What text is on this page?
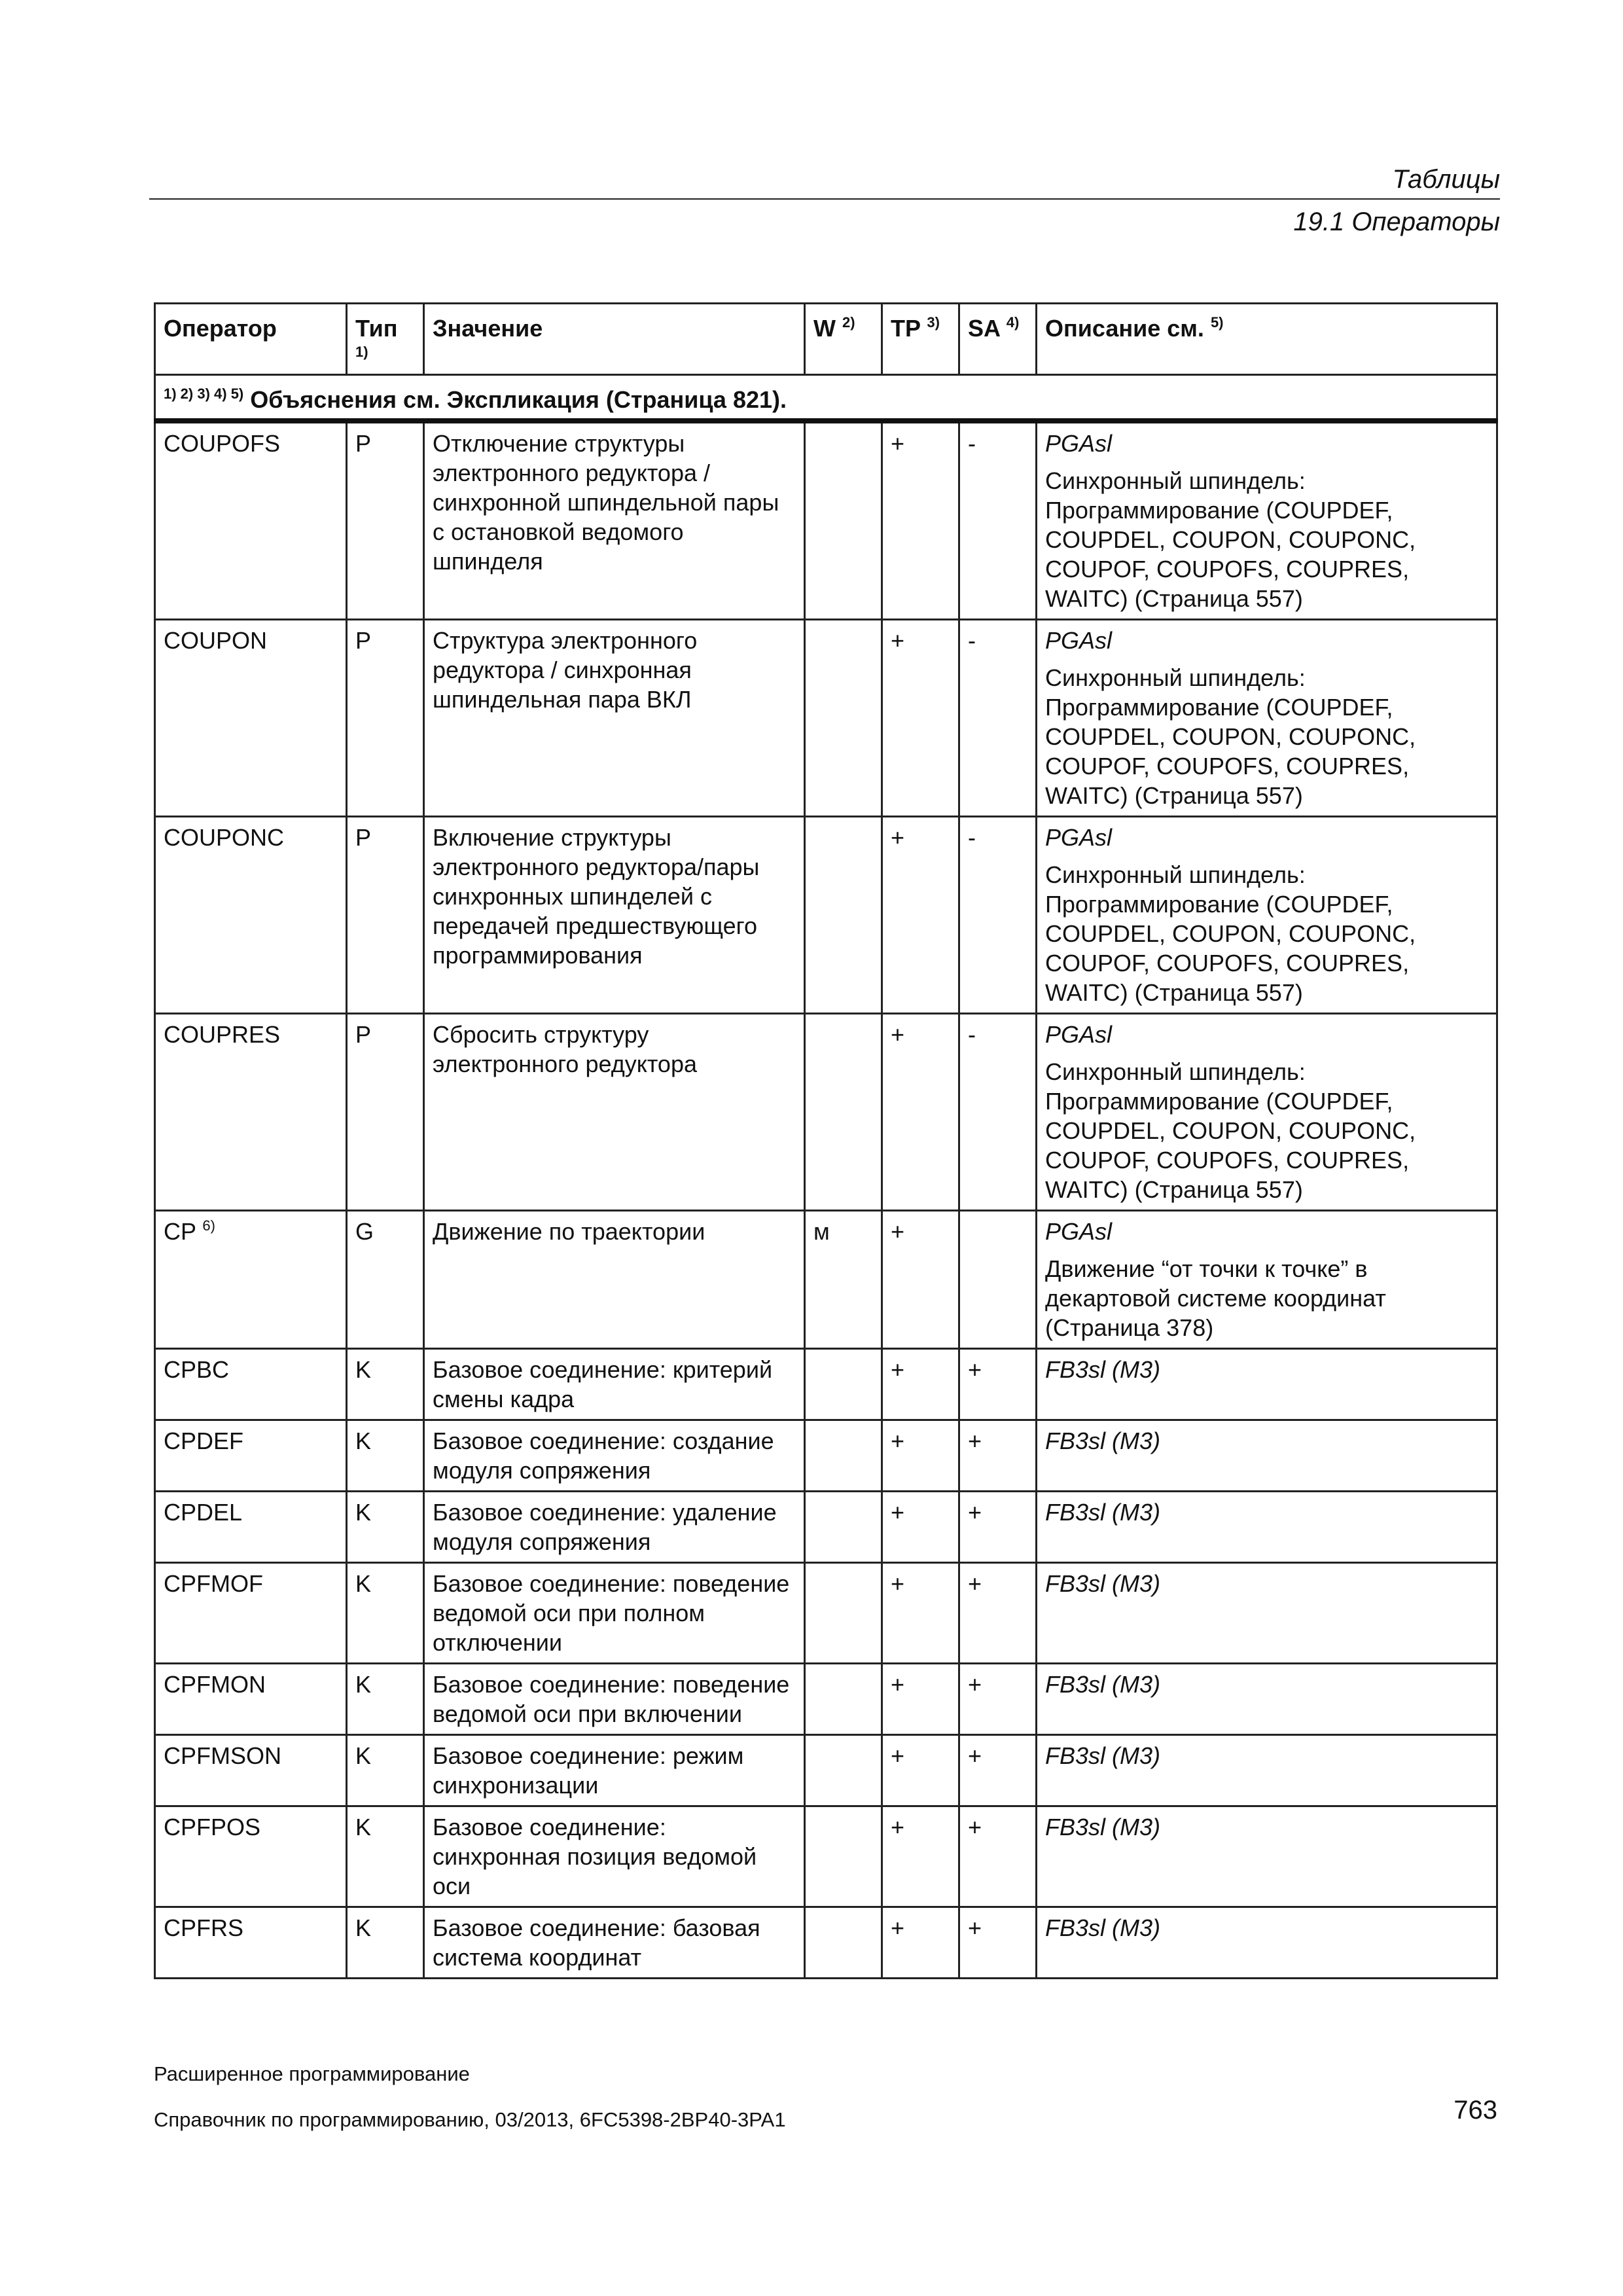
Таблицы
19.1 Операторы
Оператор	Тип $^{1)}$	Значение	W $^{2)}$	TP $^{3)}$	SA $^{4)}$	Описание см. $^{5)}$
$^{1) 2) 3) 4) 5)}$ Объяснения см. Экспликация (Страница 821).						
COUPOFS	P	Отключение структуры электронного редуктора / синхронной шпиндельной пары с остановкой ведомого шпинделя		+	-	PGAsl
Синхронный шпиндель: Программирование (COUPDEF, COUPDEL, COUPON, COUPONC, COUPOF, COUPOFS, COUPRES, WAITC) (Страница 557)

COUPON	P	Структура электронного редуктора / синхронная шпиндельная пара ВКЛ		+	-	PGAsl
Синхронный шпиндель: Программирование (COUPDEF, COUPDEL, COUPON, COUPONC, COUPOF, COUPOFS, COUPRES, WAITC) (Страница 557)

COUPONC	P	Включение структуры электронного редуктора/пары синхронных шпинделей с передачей предшествующего программирования		+	-	PGAsl
Синхронный шпиндель: Программирование (COUPDEF, COUPDEL, COUPON, COUPONC, COUPOF, COUPOFS, COUPRES, WAITC) (Страница 557)

COUPRES	P	Сбросить структуру электронного редуктора		+	-	PGAsl
Синхронный шпиндель: Программирование (COUPDEF, COUPDEL, COUPON, COUPONC, COUPOF, COUPOFS, COUPRES, WAITC) (Страница 557)

CP $^{6)}$	G	Движение по траектории	м	+		PGAsl
Движение “от точки к точке” в декартовой системе координат (Страница 378)

CPBC	K	Базовое соединение: критерий смены кадра		+	+	FB3sl (M3)

CPDEF	K	Базовое соединение: создание модуля сопряжения		+	+	FB3sl (M3)

CPDEL	K	Базовое соединение: удаление модуля сопряжения		+	+	FB3sl (M3)

CPFMOF	K	Базовое соединение: поведение ведомой оси при полном отключении		+	+	FB3sl (M3)

CPFMON	K	Базовое соединение: поведение ведомой оси при включении		+	+	FB3sl (M3)

CPFMSON	K	Базовое соединение: режим синхронизации		+	+	FB3sl (M3)

CPFPOS	K	Базовое соединение: синхронная позиция ведомой оси		+	+	FB3sl (M3)

CPFRS	K	Базовое соединение: базовая система координат		+	+	FB3sl (M3)
Расширенное программирование
Справочник по программированию, 03/2013, 6FC5398-2BP40-3PA1	763
